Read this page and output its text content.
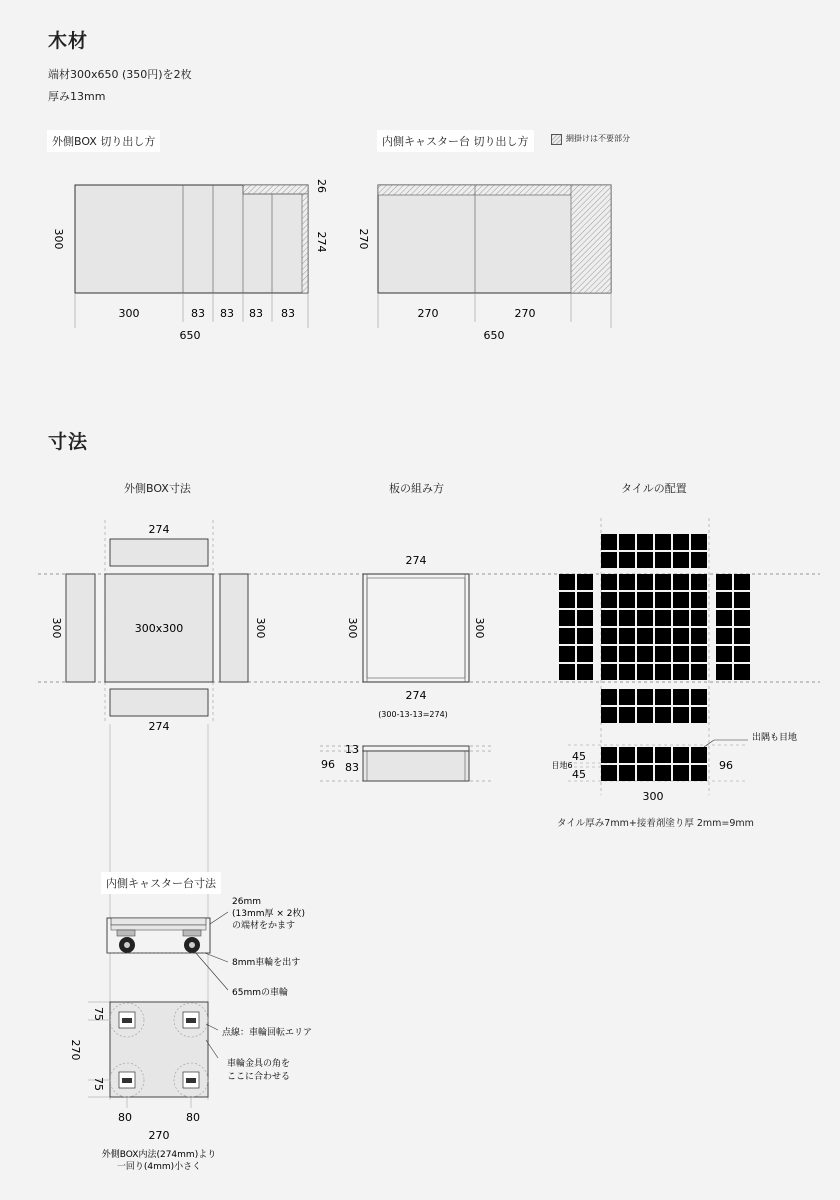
木材
端材300x650 (350円)を2枚
厚み13mm
外側BOX 切り出し方	内側キャスター台 切り出し方	網掛けは不要部分
300	83 83 83 83
650
300
26
274
270	270
650
270
274
300x300
274
300	300
274
274
(300-13-13=274)
300	300
96
13
83
45
45
目地6	96
300
出隅も目地
26mm
(13mm厚 × 2枚)
の端材をかます
8mm車輪を出す
65mmの車輪
点線：車輪回転エリア
車輪金具の角を
ここに合わせる
75
270
75
80	80
270
外側BOX内法(274mm)より
一回り(4mm)小さく
寸法
外側BOX寸法	板の組み方	タイルの配置
タイル厚み7mm+接着剤塗り厚 2mm=9mm
内側キャスター台寸法
